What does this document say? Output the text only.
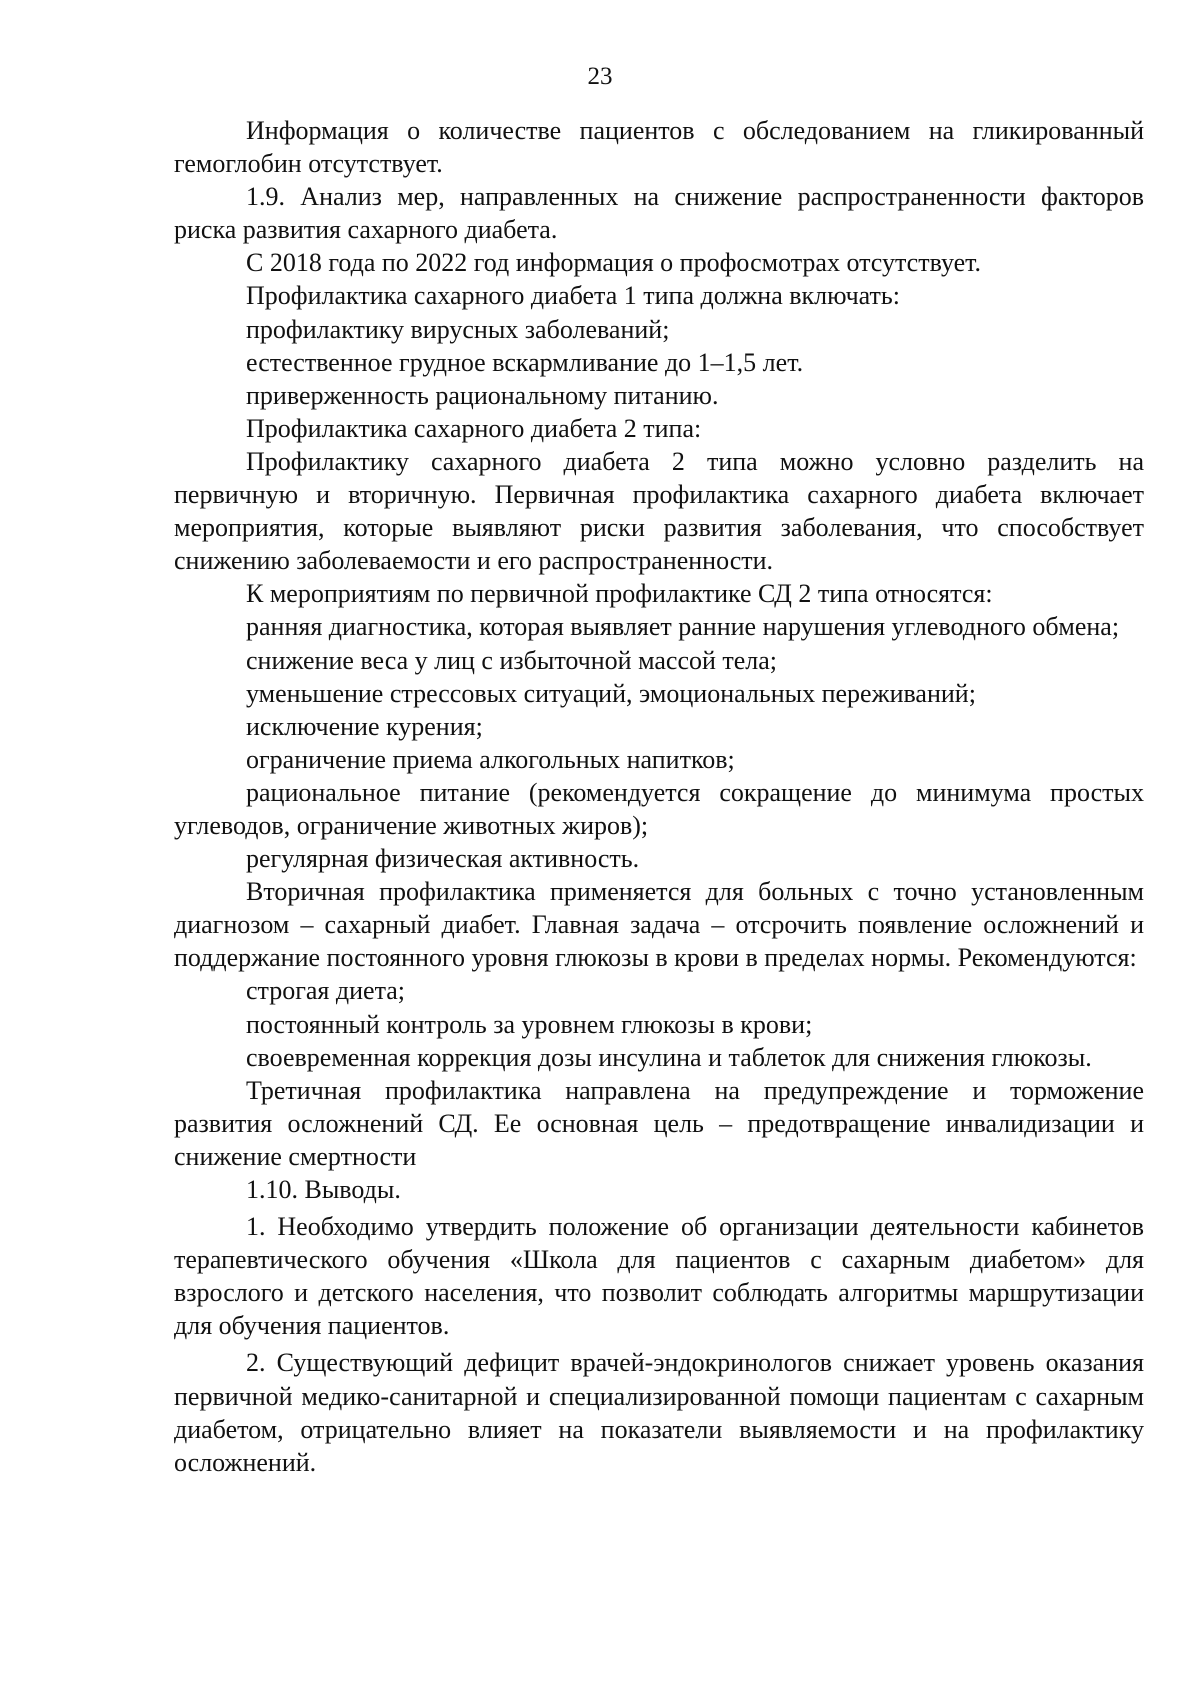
23

Информация о количестве пациентов с обследованием на гликированный гемоглобин отсутствует.

1.9. Анализ мер, направленных на снижение распространенности факторов риска развития сахарного диабета.

С 2018 года по 2022 год информация о профосмотрах отсутствует.

Профилактика сахарного диабета 1 типа должна включать:

профилактику вирусных заболеваний;

естественное грудное вскармливание до 1–1,5 лет.

приверженность рациональному питанию.

Профилактика сахарного диабета 2 типа:

Профилактику сахарного диабета 2 типа можно условно разделить на первичную и вторичную. Первичная профилактика сахарного диабета включает мероприятия, которые выявляют риски развития заболевания, что способствует снижению заболеваемости и его распространенности.

К мероприятиям по первичной профилактике СД 2 типа относятся:

ранняя диагностика, которая выявляет ранние нарушения углеводного обмена;

снижение веса у лиц с избыточной массой тела;

уменьшение стрессовых ситуаций, эмоциональных переживаний;

исключение курения;

ограничение приема алкогольных напитков;

рациональное питание (рекомендуется сокращение до минимума простых углеводов, ограничение животных жиров);

регулярная физическая активность.

Вторичная профилактика применяется для больных с точно установленным диагнозом – сахарный диабет. Главная задача – отсрочить появление осложнений и поддержание постоянного уровня глюкозы в крови в пределах нормы. Рекомендуются:

строгая диета;

постоянный контроль за уровнем глюкозы в крови;

своевременная коррекция дозы инсулина и таблеток для снижения глюкозы.

Третичная профилактика направлена на предупреждение и торможение развития осложнений СД. Ее основная цель – предотвращение инвалидизации и снижение смертности

1.10. Выводы.

1. Необходимо утвердить положение об организации деятельности кабинетов терапевтического обучения «Школа для пациентов с сахарным диабетом» для взрослого и детского населения, что позволит соблюдать алгоритмы маршрутизации для обучения пациентов.

2. Существующий дефицит врачей-эндокринологов снижает уровень оказания первичной медико-санитарной и специализированной помощи пациентам с сахарным диабетом, отрицательно влияет на показатели выявляемости и на профилактику осложнений.
